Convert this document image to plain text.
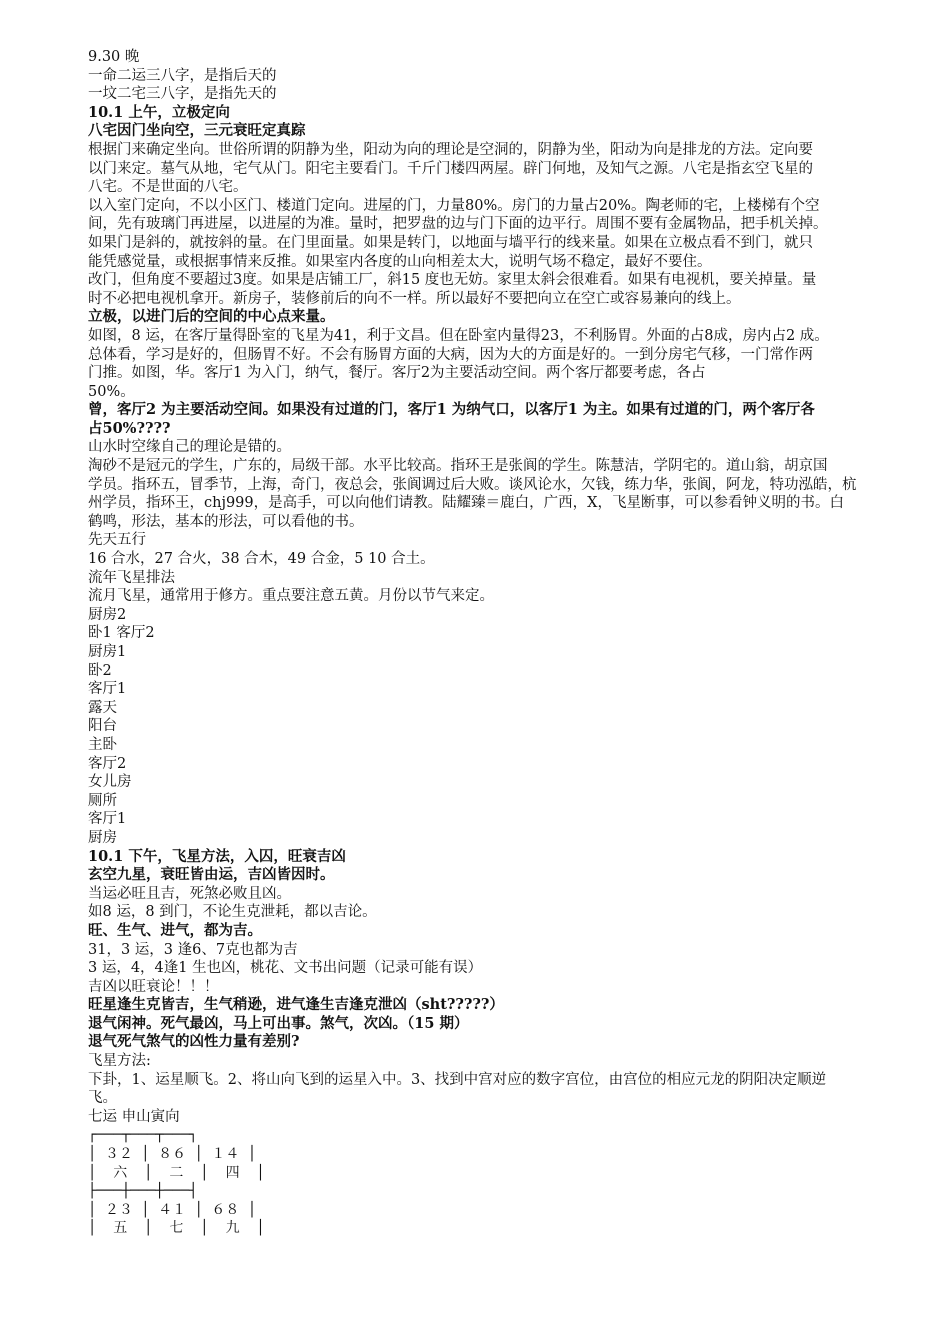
9.30 晚

一命二运三八字，是指后天的

一坟二宅三八字，是指先天的

10.1 上午，立极定向

八宅因门坐向空，三元衰旺定真踪

根据门来确定坐向。世俗所谓的阴静为坐，阳动为向的理论是空洞的，阴静为坐，阳动为向是排龙的方法。定向要

以门来定。墓气从地，宅气从门。阳宅主要看门。千斤门楼四两屋。辟门何地，及知气之源。八宅是指玄空飞星的

八宅。不是世面的八宅。

以入室门定向，不以小区门、楼道门定向。进屋的门，力量80%。房门的力量占20%。陶老师的宅，上楼梯有个空

间，先有玻璃门再进屋，以进屋的为准。量时，把罗盘的边与门下面的边平行。周围不要有金属物品，把手机关掉。

如果门是斜的，就按斜的量。在门里面量。如果是转门，以地面与墙平行的线来量。如果在立极点看不到门，就只

能凭感觉量，或根据事情来反推。如果室内各度的山向相差太大，说明气场不稳定，最好不要住。

改门，但角度不要超过3度。如果是店铺工厂，斜15 度也无妨。家里太斜会很难看。如果有电视机，要关掉量。量

时不必把电视机拿开。新房子，装修前后的向不一样。所以最好不要把向立在空亡或容易兼向的线上。

立极，以进门后的空间的中心点来量。

如图，8 运，在客厅量得卧室的飞星为41，利于文昌。但在卧室内量得23，不利肠胃。外面的占8成，房内占2 成。

总体看，学习是好的，但肠胃不好。不会有肠胃方面的大病，因为大的方面是好的。一到分房宅气移，一门常作两

门推。如图，华。客厅1 为入门，纳气，餐厅。客厅2为主要活动空间。两个客厅都要考虑，各占

50%。

曾，客厅2 为主要活动空间。如果没有过道的门，客厅1 为纳气口，以客厅1 为主。如果有过道的门，两个客厅各

占50%????

山水时空缘自己的理论是错的。

淘砂不是冠元的学生，广东的，局级干部。水平比较高。指环王是张阆的学生。陈慧洁，学阴宅的。道山翁，胡京国

学员。指环五，冒季节，上海，奇门，夜总会，张阆调过后大败。谈风论水，欠钱，练力华，张阆，阿龙，特功泓皓，杭

州学员，指环王，chj999，是高手，可以向他们请教。陆耀臻＝鹿白，广西，X，飞星断事，可以参看钟义明的书。白

鹤鸣，形法，基本的形法，可以看他的书。

先天五行

16 合水，27 合火，38 合木，49 合金，5 10 合土。

流年飞星排法

流月飞星，通常用于修方。重点要注意五黄。月份以节气来定。

厨房2

卧1 客厅2

厨房1

卧2

客厅1

露天

阳台

主卧

客厅2

女儿房

厕所

客厅1

厨房

10.1 下午，飞星方法，入囚，旺衰吉凶

玄空九星，衰旺皆由运，吉凶皆因时。

当运必旺且吉，死煞必败且凶。

如8 运，8 到门，不论生克泄耗，都以吉论。

旺、生气、进气，都为吉。

31，3 运，3 逢6、7克也都为吉

3 运，4，4逢1 生也凶，桃花、文书出问题（记录可能有误）

吉凶以旺衰论！！！

旺星逢生克皆吉，生气稍逊，进气逢生吉逢克泄凶（sht?????）

退气闲神。死气最凶，马上可出事。煞气，次凶。（15 期）

退气死气煞气的凶性力量有差别?

飞星方法:

下卦，1、运星顺飞。2、将山向飞到的运星入中。3、找到中宫对应的数字宫位，由宫位的相应元龙的阴阳决定顺逆

飞。

七运 申山寅向

┌───┬───┬───┐
│ ３２ │ ８６ │ １４ │
│  六  │  二  │  四  │
├───┼───┼───┤
│ ２３ │ ４１ │ ６８ │
│  五  │  七  │  九  │
